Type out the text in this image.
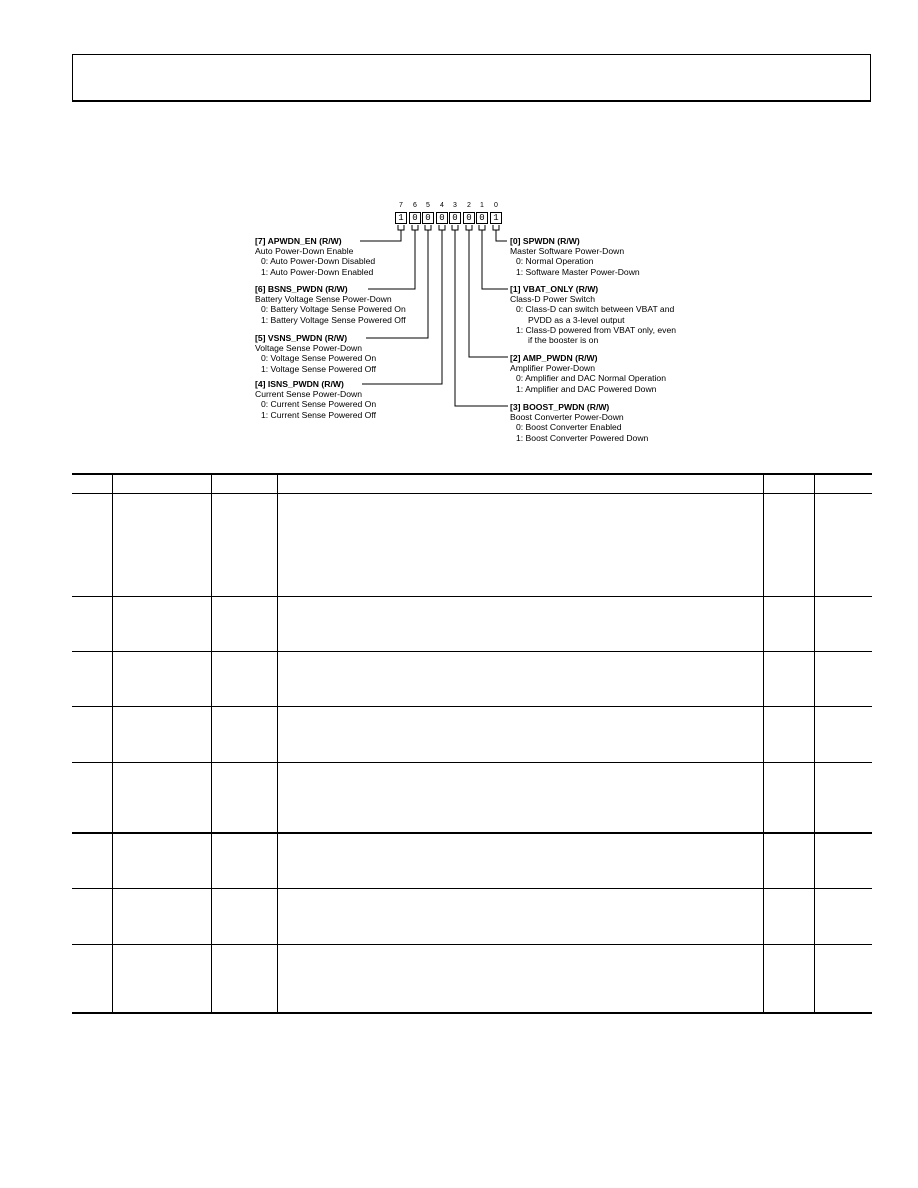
7	6	5	4	3	2	1	0
1 0 0 0 0 0 0 1
[7] APWDN_EN (R/W)
Auto Power-Down Enable
0: Auto Power-Down Disabled
1: Auto Power-Down Enabled
[6] BSNS_PWDN (R/W)
Battery Voltage Sense Power-Down
0: Battery Voltage Sense Powered On
1: Battery Voltage Sense Powered Off
[5] VSNS_PWDN (R/W)
Voltage Sense Power-Down
0: Voltage Sense Powered On
1: Voltage Sense Powered Off
[4] ISNS_PWDN (R/W)
Current Sense Power-Down
0: Current Sense Powered On
1: Current Sense Powered Off
[0] SPWDN (R/W)
Master Software Power-Down
0: Normal Operation
1: Software Master Power-Down
[1] VBAT_ONLY (R/W)
Class-D Power Switch
0: Class-D can switch between VBAT and
PVDD as a 3-level output
1: Class-D powered from VBAT only, even
if the booster is on
[2] AMP_PWDN (R/W)
Amplifier Power-Down
0: Amplifier and DAC Normal Operation
1: Amplifier and DAC Powered Down
[3] BOOST_PWDN (R/W)
Boost Converter Power-Down
0: Boost Converter Enabled
1: Boost Converter Powered Down
